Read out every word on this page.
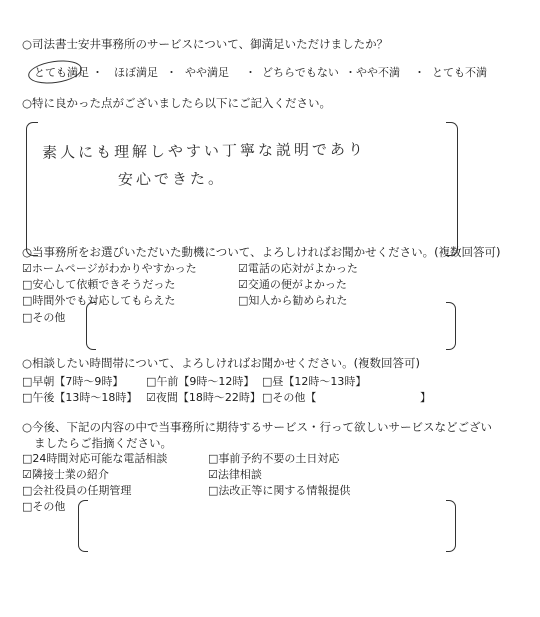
○司法書士安井事務所のサービスについて、御満足いただけましたか？
とても満足 ・ ほぼ満足 ・ やや満足 ・ どちらでもない ・やや不満 ・ とても不満
○特に良かった点がございましたら以下にご記入ください。
素人にも理解しやすい丁寧な説明であり
安心できた。
○当事務所をお選びいただいた動機について、よろしければお聞かせください。(複数回答可)
☑ホームページがわかりやすかった	☑電話の応対がよかった
□安心して依頼できそうだった	☑交通の便がよかった
□時間外でも対応してもらえた	□知人から勧められた
□その他
○相談したい時間帯について、よろしければお聞かせください。(複数回答可)
□早朝【7時～9時】 □午前【9時～12時】 □昼【12時～13時】
□午後【13時～18時】 ☑夜間【18時～22時】 □その他【	】
○今後、下記の内容の中で当事務所に期待するサービス・行って欲しいサービスなどござい
ましたらご指摘ください。
□24時間対応可能な電話相談	□事前予約不要の土日対応
☑隣接士業の紹介	☑法律相談
□会社役員の任期管理	□法改正等に関する情報提供
□その他
